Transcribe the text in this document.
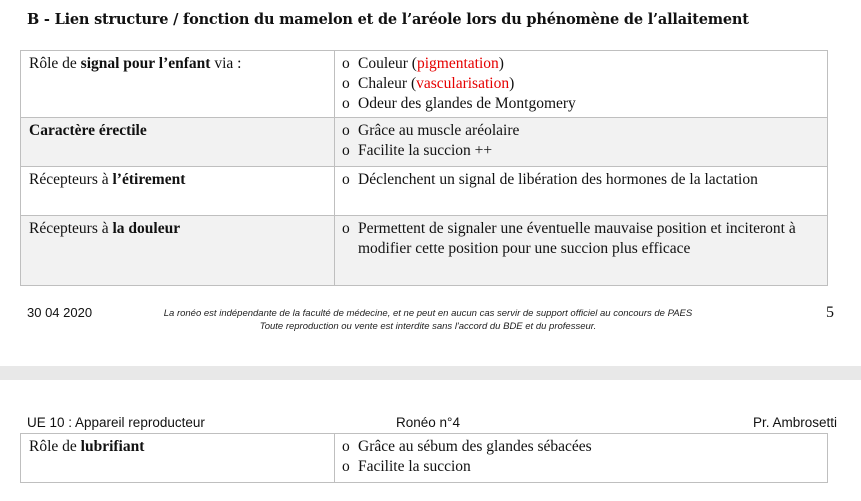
B - Lien structure / fonction du mamelon et de l’aréole lors du phénomène de l’allaitement
Rôle de signal pour l’enfant via :	o Couleur (pigmentation)
o Chaleur (vascularisation)
o Odeur des glandes de Montgomery
Caractère érectile	o Grâce au muscle aréolaire
o Facilite la succion ++
Récepteurs à l’étirement	o Déclenchent un signal de libération des hormones de la lactation
Récepteurs à la douleur	o Permettent de signaler une éventuelle mauvaise position et inciteront à modifier cette position pour une succion plus efficace
30 04 2020	La ronéo est indépendante de la faculté de médecine, et ne peut en aucun cas servir de support officiel au concours de PAES
Toute reproduction ou vente est interdite sans l'accord du BDE et du professeur.
5
UE 10 : Appareil reproducteur	Ronéo n°4	Pr. Ambrosetti
Rôle de lubrifiant	o Grâce au sébum des glandes sébacées
o Facilite la succion
